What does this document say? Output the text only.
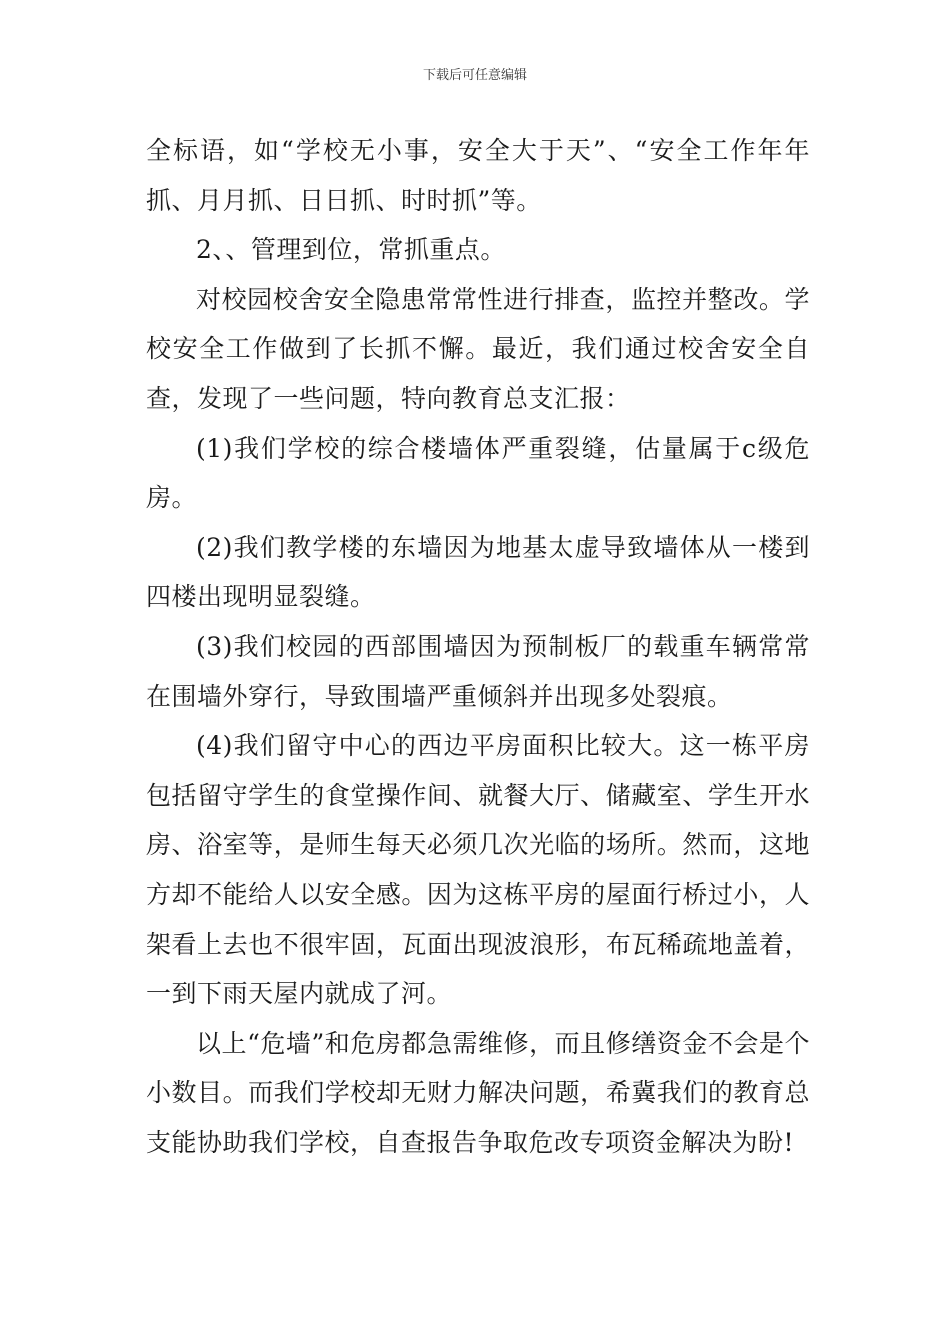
下载后可任意编辑

全标语，如“学校无小事，安全大于天”、“安全工作年年抓、月月抓、日日抓、时时抓”等。

2、、管理到位，常抓重点。

对校园校舍安全隐患常常性进行排查，监控并整改。学校安全工作做到了长抓不懈。最近，我们通过校舍安全自查，发现了一些问题，特向教育总支汇报：

(1)我们学校的综合楼墙体严重裂缝，估量属于c级危房。

(2)我们教学楼的东墙因为地基太虚导致墙体从一楼到四楼出现明显裂缝。

(3)我们校园的西部围墙因为预制板厂的载重车辆常常在围墙外穿行，导致围墙严重倾斜并出现多处裂痕。

(4)我们留守中心的西边平房面积比较大。这一栋平房包括留守学生的食堂操作间、就餐大厅、储藏室、学生开水房、浴室等，是师生每天必须几次光临的场所。然而，这地方却不能给人以安全感。因为这栋平房的屋面行桥过小，人架看上去也不很牢固，瓦面出现波浪形，布瓦稀疏地盖着，一到下雨天屋内就成了河。

以上“危墙”和危房都急需维修，而且修缮资金不会是个小数目。而我们学校却无财力解决问题，希冀我们的教育总支能协助我们学校，自查报告争取危改专项资金解决为盼!
